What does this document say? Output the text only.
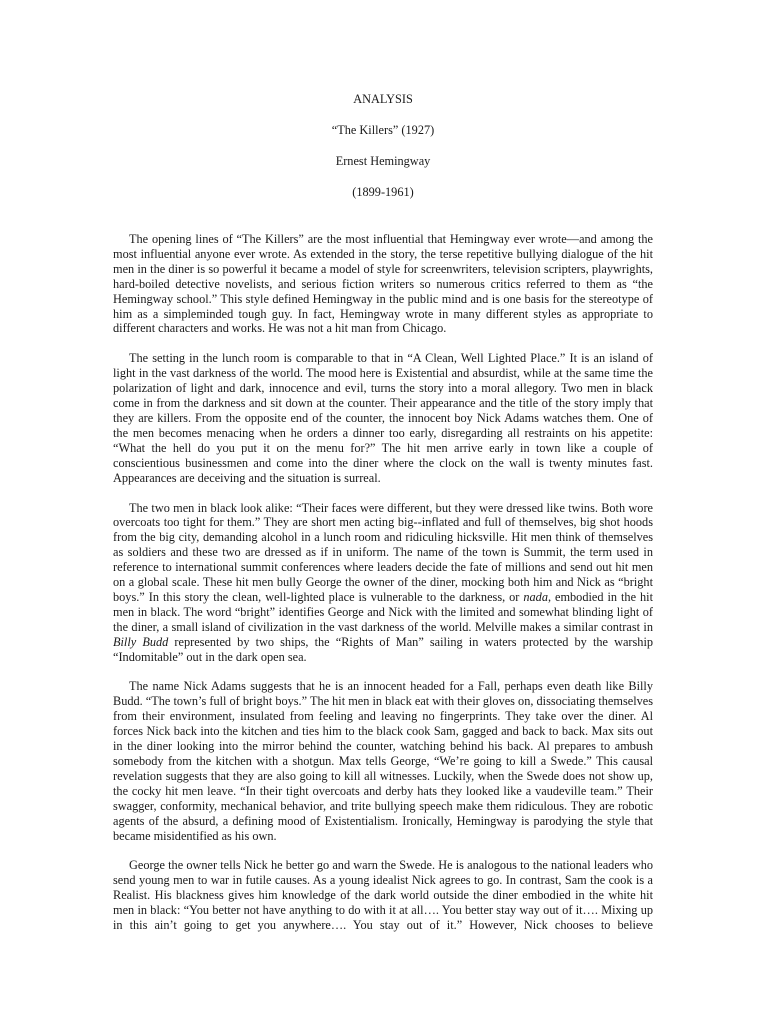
ANALYSIS

“The Killers” (1927)

Ernest Hemingway

(1899-1961)

The opening lines of “The Killers” are the most influential that Hemingway ever wrote—and among the most influential anyone ever wrote. As extended in the story, the terse repetitive bullying dialogue of the hit men in the diner is so powerful it became a model of style for screenwriters, television scripters, playwrights, hard-boiled detective novelists, and serious fiction writers so numerous critics referred to them as “the Hemingway school.” This style defined Hemingway in the public mind and is one basis for the stereotype of him as a simpleminded tough guy. In fact, Hemingway wrote in many different styles as appropriate to different characters and works. He was not a hit man from Chicago.

The setting in the lunch room is comparable to that in “A Clean, Well Lighted Place.” It is an island of light in the vast darkness of the world. The mood here is Existential and absurdist, while at the same time the polarization of light and dark, innocence and evil, turns the story into a moral allegory. Two men in black come in from the darkness and sit down at the counter. Their appearance and the title of the story imply that they are killers. From the opposite end of the counter, the innocent boy Nick Adams watches them. One of the men becomes menacing when he orders a dinner too early, disregarding all restraints on his appetite: “What the hell do you put it on the menu for?” The hit men arrive early in town like a couple of conscientious businessmen and come into the diner where the clock on the wall is twenty minutes fast. Appearances are deceiving and the situation is surreal.

The two men in black look alike: “Their faces were different, but they were dressed like twins. Both wore overcoats too tight for them.” They are short men acting big--inflated and full of themselves, big shot hoods from the big city, demanding alcohol in a lunch room and ridiculing hicksville. Hit men think of themselves as soldiers and these two are dressed as if in uniform. The name of the town is Summit, the term used in reference to international summit conferences where leaders decide the fate of millions and send out hit men on a global scale. These hit men bully George the owner of the diner, mocking both him and Nick as “bright boys.” In this story the clean, well-lighted place is vulnerable to the darkness, or nada, embodied in the hit men in black. The word “bright” identifies George and Nick with the limited and somewhat blinding light of the diner, a small island of civilization in the vast darkness of the world. Melville makes a similar contrast in Billy Budd represented by two ships, the “Rights of Man” sailing in waters protected by the warship “Indomitable” out in the dark open sea.

The name Nick Adams suggests that he is an innocent headed for a Fall, perhaps even death like Billy Budd. “The town’s full of bright boys.” The hit men in black eat with their gloves on, dissociating themselves from their environment, insulated from feeling and leaving no fingerprints. They take over the diner. Al forces Nick back into the kitchen and ties him to the black cook Sam, gagged and back to back. Max sits out in the diner looking into the mirror behind the counter, watching behind his back. Al prepares to ambush somebody from the kitchen with a shotgun. Max tells George, “We’re going to kill a Swede.” This causal revelation suggests that they are also going to kill all witnesses. Luckily, when the Swede does not show up, the cocky hit men leave. “In their tight overcoats and derby hats they looked like a vaudeville team.” Their swagger, conformity, mechanical behavior, and trite bullying speech make them ridiculous. They are robotic agents of the absurd, a defining mood of Existentialism. Ironically, Hemingway is parodying the style that became misidentified as his own.

George the owner tells Nick he better go and warn the Swede. He is analogous to the national leaders who send young men to war in futile causes. As a young idealist Nick agrees to go. In contrast, Sam the cook is a Realist. His blackness gives him knowledge of the dark world outside the diner embodied in the white hit men in black: “You better not have anything to do with it at all…. You better stay way out of it…. Mixing up in this ain’t going to get you anywhere…. You stay out of it.” However, Nick chooses to believe
